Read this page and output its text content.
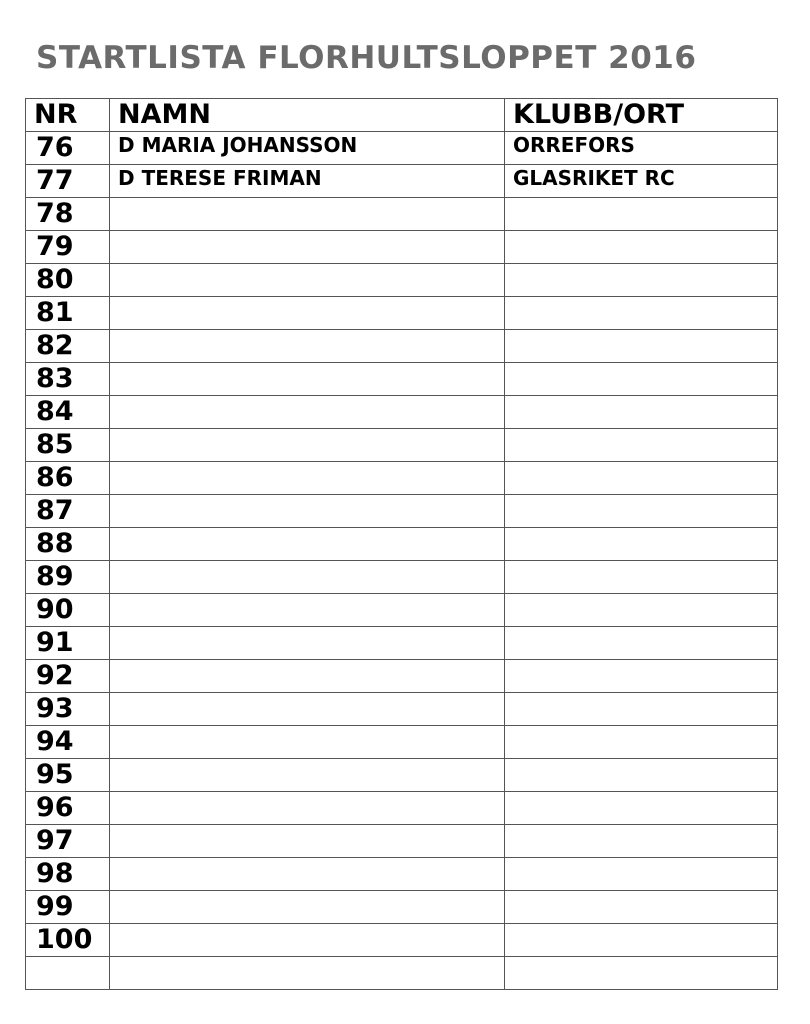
STARTLISTA FLORHULTSLOPPET 2016
NR	NAMN	KLUBB/ORT
76	D MARIA JOHANSSON	ORREFORS
77	D TERESE FRIMAN	GLASRIKET RC
78		
79		
80		
81		
82		
83		
84		
85		
86		
87		
88		
89		
90		
91		
92		
93		
94		
95		
96		
97		
98		
99		
100		
